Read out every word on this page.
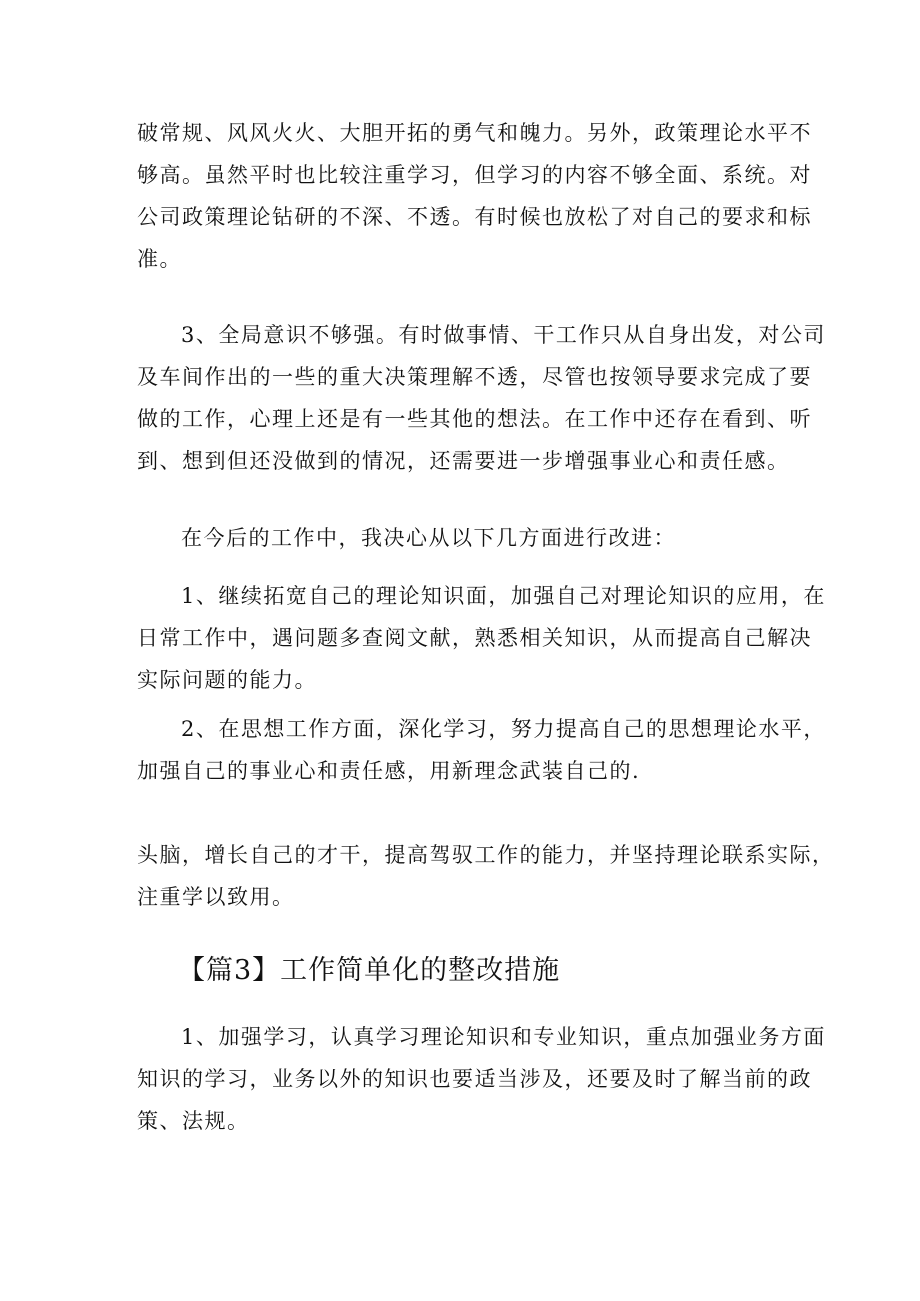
破常规、风风火火、大胆开拓的勇气和魄力。另外，政策理论水平不
够高。虽然平时也比较注重学习，但学习的内容不够全面、系统。对
公司政策理论钻研的不深、不透。有时候也放松了对自己的要求和标
准。

3、全局意识不够强。有时做事情、干工作只从自身出发，对公司
及车间作出的一些的重大决策理解不透，尽管也按领导要求完成了要
做的工作，心理上还是有一些其他的想法。在工作中还存在看到、听
到、想到但还没做到的情况，还需要进一步增强事业心和责任感。

在今后的工作中，我决心从以下几方面进行改进：

1、继续拓宽自己的理论知识面，加强自己对理论知识的应用，在
日常工作中，遇问题多查阅文献，熟悉相关知识，从而提高自己解决
实际问题的能力。

2、在思想工作方面，深化学习，努力提高自己的思想理论水平，
加强自己的事业心和责任感，用新理念武装自己的.

头脑，增长自己的才干，提高驾驭工作的能力，并坚持理论联系实际，
注重学以致用。

【篇3】工作简单化的整改措施

1、加强学习，认真学习理论知识和专业知识，重点加强业务方面
知识的学习，业务以外的知识也要适当涉及，还要及时了解当前的政
策、法规。
